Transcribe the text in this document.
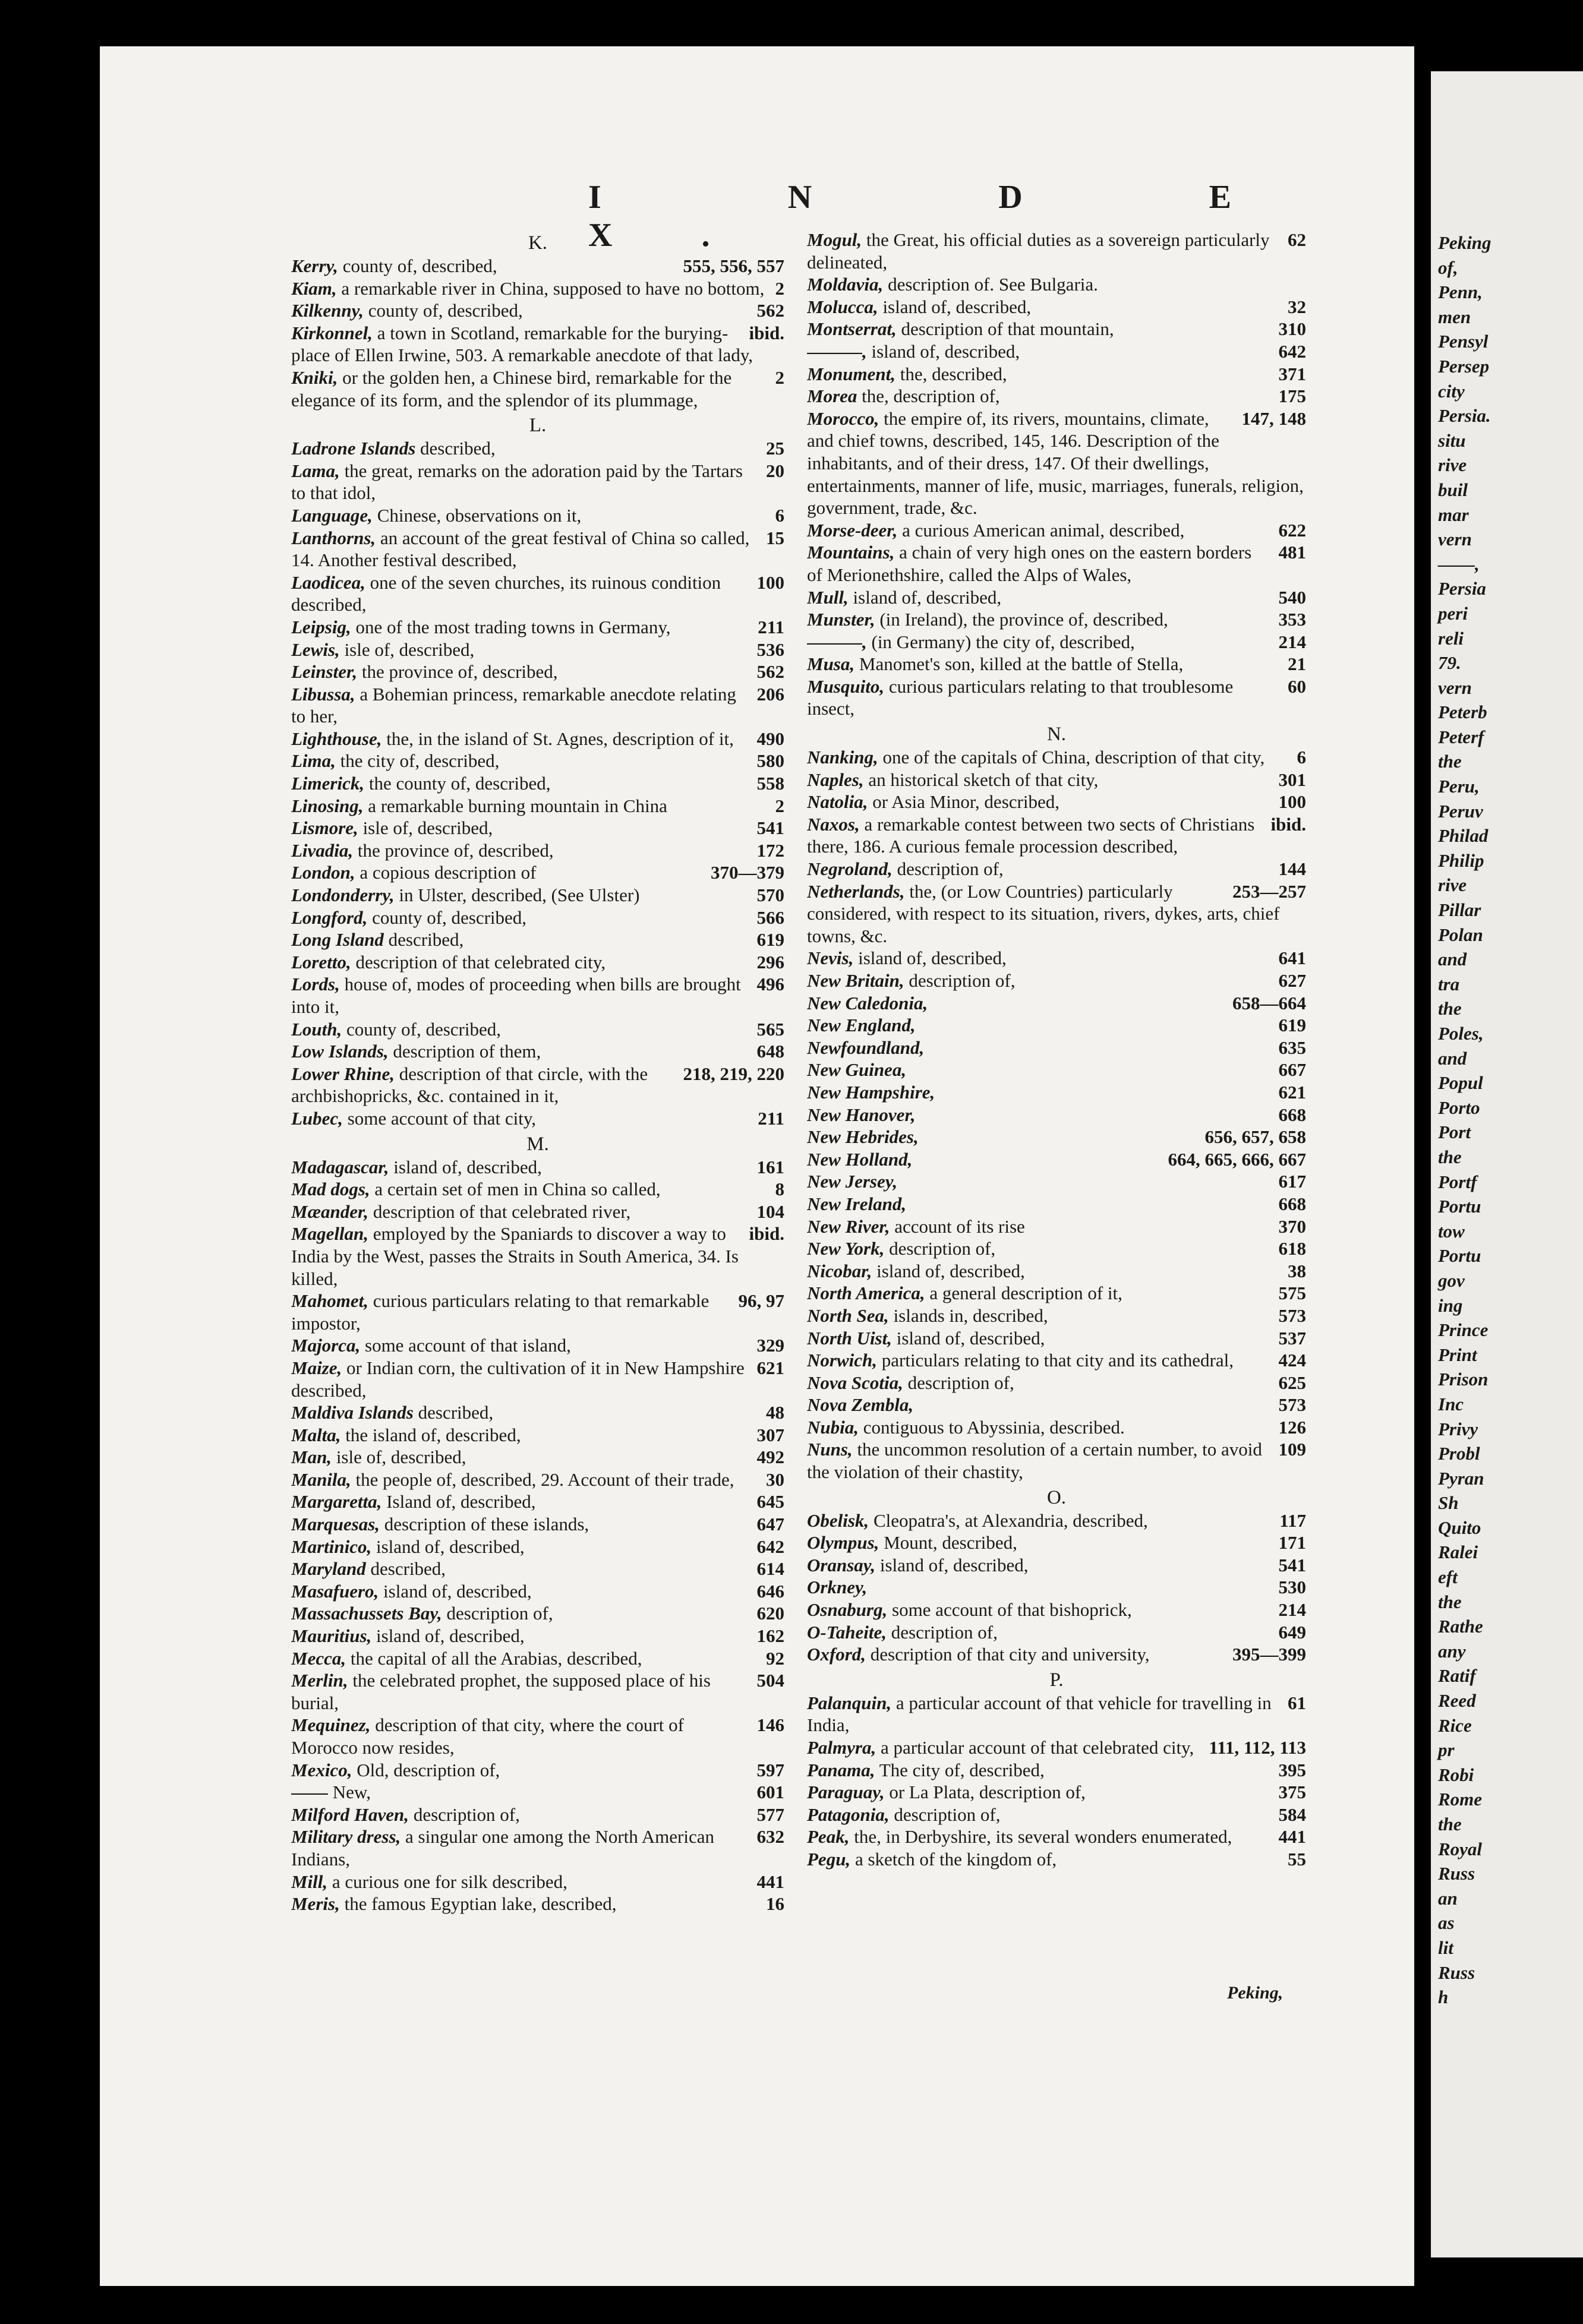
I N D E X.
K.
555, 556, 557
Kerry, county of, described,
2
Kiam, a remarkable river in China, supposed to have no bottom,
562
Kilkenny, county of, described,
ibid.
Kirkonnel, a town in Scotland, remarkable for the burying-place of Ellen Irwine, 503. A remarkable anecdote of that lady,
2
Kniki, or the golden hen, a Chinese bird, remarkable for the elegance of its form, and the splendor of its plummage,
L.
25
Ladrone Islands described,
20
Lama, the great, remarks on the adoration paid by the Tartars to that idol,
6
Language, Chinese, observations on it,
15
Lanthorns, an account of the great festival of China so called, 14. Another festival described,
100
Laodicea, one of the seven churches, its ruinous condition described,
211
Leipsig, one of the most trading towns in Germany,
536
Lewis, isle of, described,
562
Leinster, the province of, described,
206
Libussa, a Bohemian princess, remarkable anecdote relating to her,
490
Lighthouse, the, in the island of St. Agnes, description of it,
580
Lima, the city of, described,
558
Limerick, the county of, described,
2
Linosing, a remarkable burning mountain in China
541
Lismore, isle of, described,
172
Livadia, the province of, described,
370—379
London, a copious description of
570
Londonderry, in Ulster, described, (See Ulster)
566
Longford, county of, described,
619
Long Island described,
296
Loretto, description of that celebrated city,
496
Lords, house of, modes of proceeding when bills are brought into it,
565
Louth, county of, described,
648
Low Islands, description of them,
218, 219, 220
Lower Rhine, description of that circle, with the archbishopricks, &c. contained in it,
211
Lubec, some account of that city,
M.
161
Madagascar, island of, described,
8
Mad dogs, a certain set of men in China so called,
104
Mæander, description of that celebrated river,
ibid.
Magellan, employed by the Spaniards to discover a way to India by the West, passes the Straits in South America, 34. Is killed,
96, 97
Mahomet, curious particulars relating to that remarkable impostor,
329
Majorca, some account of that island,
621
Maize, or Indian corn, the cultivation of it in New Hampshire described,
48
Maldiva Islands described,
307
Malta, the island of, described,
492
Man, isle of, described,
30
Manila, the people of, described, 29. Account of their trade,
645
Margaretta, Island of, described,
647
Marquesas, description of these islands,
642
Martinico, island of, described,
614
Maryland described,
646
Masafuero, island of, described,
620
Massachussets Bay, description of,
162
Mauritius, island of, described,
92
Mecca, the capital of all the Arabias, described,
504
Merlin, the celebrated prophet, the supposed place of his burial,
146
Mequinez, description of that city, where the court of Morocco now resides,
597
Mexico, Old, description of,
601
—— New,
577
Milford Haven, description of,
632
Military dress, a singular one among the North American Indians,
441
Mill, a curious one for silk described,
16
Meris, the famous Egyptian lake, described,
62
Mogul, the Great, his official duties as a sovereign particularly delineated,
Moldavia, description of. See Bulgaria.
32
Molucca, island of, described,
310
Montserrat, description of that mountain,
642
———, island of, described,
371
Monument, the, described,
175
Morea the, description of,
147, 148
Morocco, the empire of, its rivers, mountains, climate, and chief towns, described, 145, 146. Description of the inhabitants, and of their dress, 147. Of their dwellings, entertainments, manner of life, music, marriages, funerals, religion, government, trade, &c.
622
Morse-deer, a curious American animal, described,
481
Mountains, a chain of very high ones on the eastern borders of Merionethshire, called the Alps of Wales,
540
Mull, island of, described,
353
Munster, (in Ireland), the province of, described,
214
———, (in Germany) the city of, described,
21
Musa, Manomet's son, killed at the battle of Stella,
60
Musquito, curious particulars relating to that troublesome insect,
N.
6
Nanking, one of the capitals of China, description of that city,
301
Naples, an historical sketch of that city,
100
Natolia, or Asia Minor, described,
ibid.
Naxos, a remarkable contest between two sects of Christians there, 186. A curious female procession described,
144
Negroland, description of,
253—257
Netherlands, the, (or Low Countries) particularly considered, with respect to its situation, rivers, dykes, arts, chief towns, &c.
641
Nevis, island of, described,
627
New Britain, description of,
658—664
New Caledonia,
619
New England,
635
Newfoundland,
667
New Guinea,
621
New Hampshire,
668
New Hanover,
656, 657, 658
New Hebrides,
664, 665, 666, 667
New Holland,
617
New Jersey,
668
New Ireland,
370
New River, account of its rise
618
New York, description of,
38
Nicobar, island of, described,
575
North America, a general description of it,
573
North Sea, islands in, described,
537
North Uist, island of, described,
424
Norwich, particulars relating to that city and its cathedral,
625
Nova Scotia, description of,
573
Nova Zembla,
126
Nubia, contiguous to Abyssinia, described.
109
Nuns, the uncommon resolution of a certain number, to avoid the violation of their chastity,
O.
117
Obelisk, Cleopatra's, at Alexandria, described,
171
Olympus, Mount, described,
541
Oransay, island of, described,
530
Orkney,
214
Osnaburg, some account of that bishoprick,
649
O-Taheite, description of,
395—399
Oxford, description of that city and university,
P.
61
Palanquin, a particular account of that vehicle for travelling in India,
111, 112, 113
Palmyra, a particular account of that celebrated city,
395
Panama, The city of, described,
375
Paraguay, or La Plata, description of,
584
Patagonia, description of,
441
Peak, the, in Derbyshire, its several wonders enumerated,
55
Pegu, a sketch of the kingdom of,
Peking,
Peking
of,
Penn,
men
Pensyl
Persep
city
Persia.
situ
rive
buil
mar
vern
——,
Persia
peri
reli
79.
vern
Peterb
Peterf
the
Peru,
Peruv
Philad
Philip
rive
Pillar
Polan
and
tra
the
Poles,
and
Popul
Porto
Port
the
Portf
Portu
tow
Portu
gov
ing
Prince
Print
Prison
Inc
Privy
Probl
Pyran
Sh
Quito
Ralei
eft
the
Rathe
any
Ratif
Reed
Rice
pr
Robi
Rome
the
Royal
Russ
an
as
lit
Russ
h
